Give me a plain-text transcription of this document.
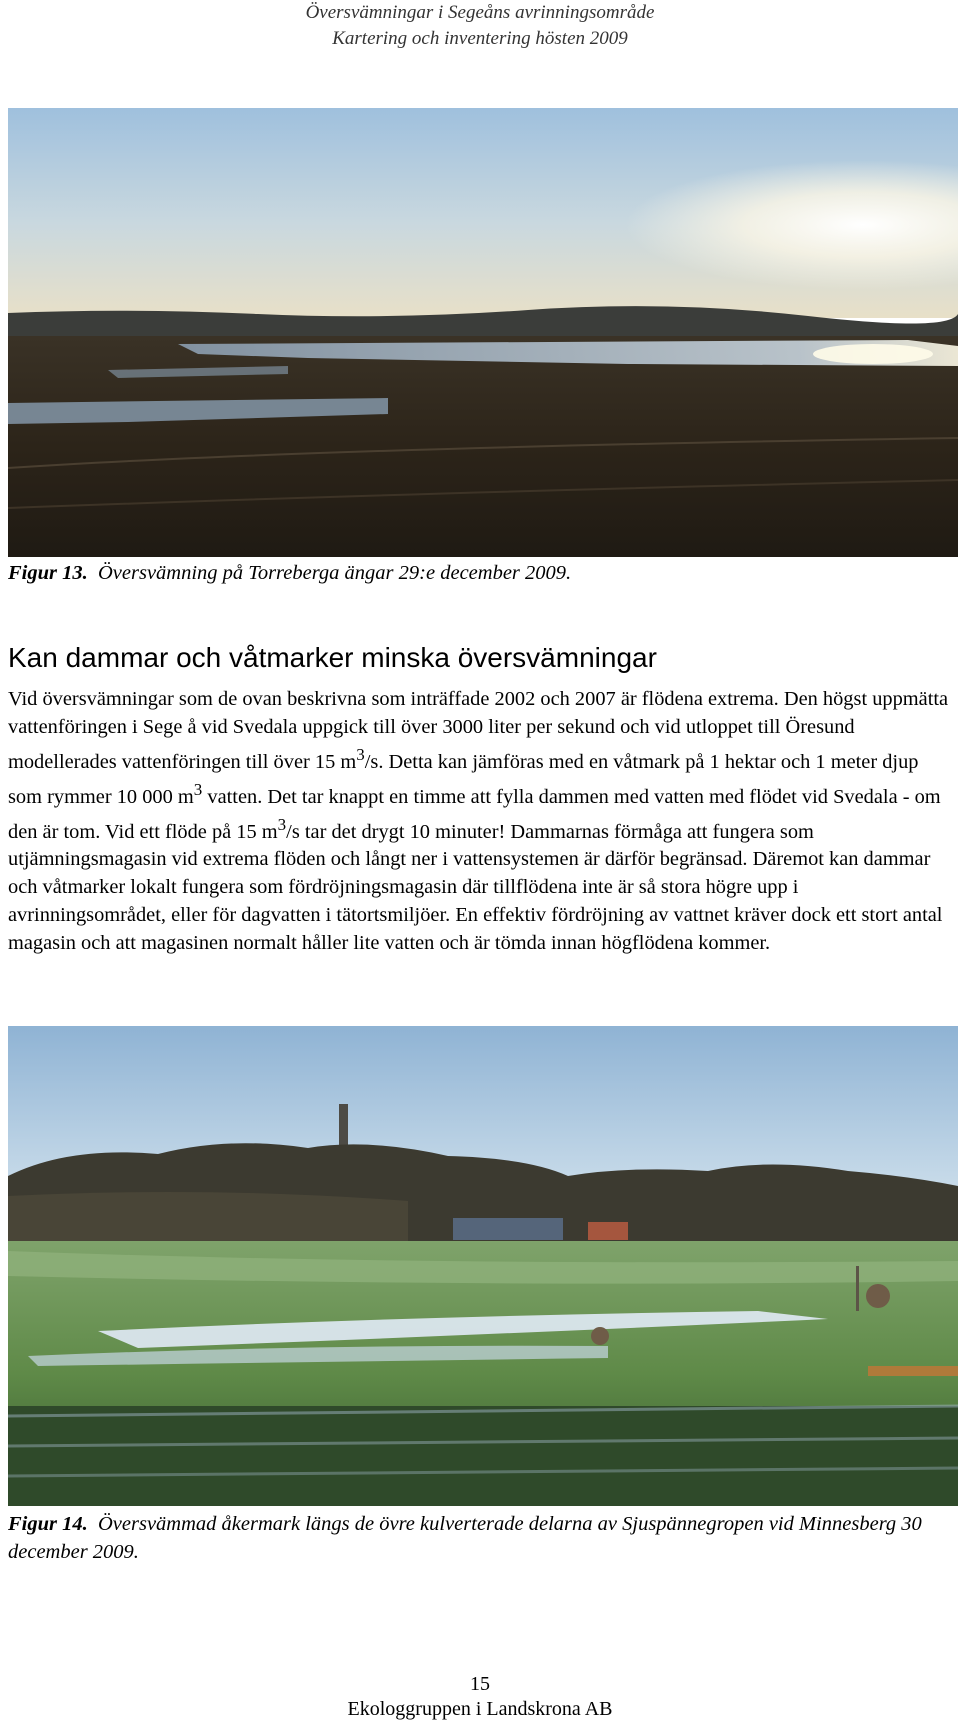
Översvämningar i Segeåns avrinningsområde
Kartering och inventering hösten 2009
Figur 13. Översvämning på Torreberga ängar 29:e december 2009.
Kan dammar och våtmarker minska översvämningar

Vid översvämningar som de ovan beskrivna som inträffade 2002 och 2007 är flödena extrema. Den högst uppmätta vattenföringen i Sege å vid Svedala uppgick till över 3000 liter per sekund och vid utloppet till Öresund modellerades vattenföringen till över 15 $m^3/s$. Detta kan jämföras med en våtmark på 1 hektar och 1 meter djup som rymmer 10 000 $m^3$ vatten. Det tar knappt en timme att fylla dammen med vatten med flödet vid Svedala - om den är tom. Vid ett flöde på 15 $m^3/s$ tar det drygt 10 minuter! Dammarnas förmåga att fungera som utjämningsmagasin vid extrema flöden och långt ner i vattensystemen är därför begränsad. Däremot kan dammar och våtmarker lokalt fungera som fördröjningsmagasin där tillflödena inte är så stora högre upp i avrinningsområdet, eller för dagvatten i tätortsmiljöer. En effektiv fördröjning av vattnet kräver dock ett stort antal magasin och att magasinen normalt håller lite vatten och är tömda innan högflödena kommer.

Figur 14. Översvämmad åkermark längs de övre kulverterade delarna av Sjuspännegropen vid Minnesberg 30 december 2009.
15
Ekologgruppen i Landskrona AB
